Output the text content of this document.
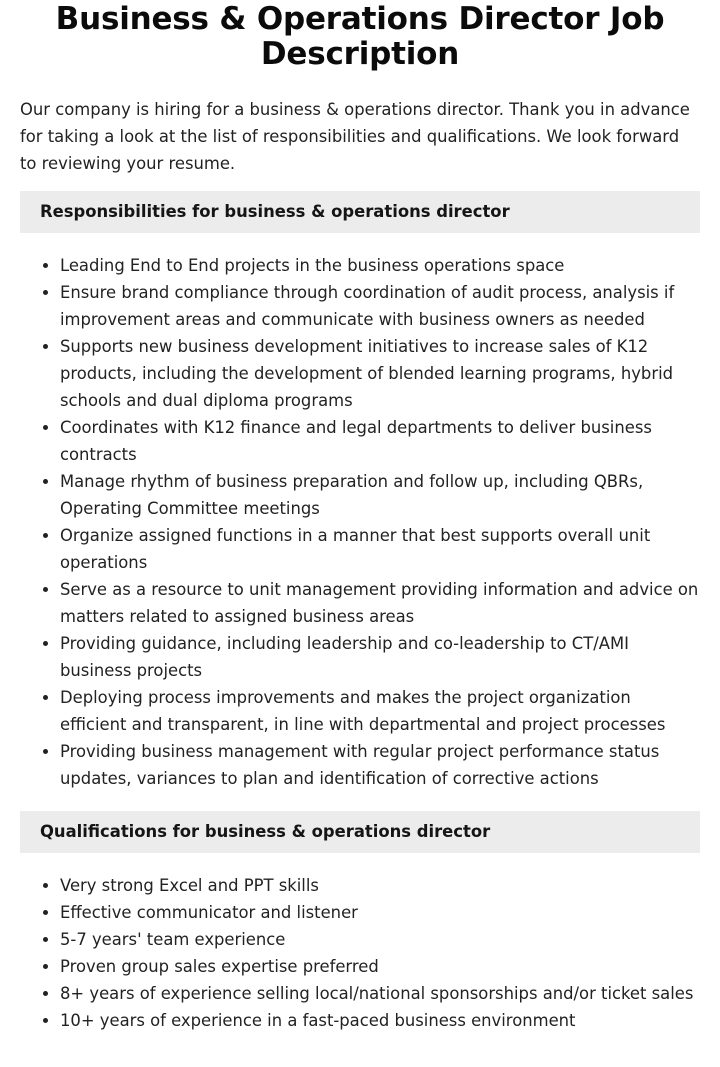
Business & Operations Director Job Description

Our company is hiring for a business & operations director. Thank you in advance for taking a look at the list of responsibilities and qualifications. We look forward to reviewing your resume.

Responsibilities for business & operations director
• Leading End to End projects in the business operations space
• Ensure brand compliance through coordination of audit process, analysis if improvement areas and communicate with business owners as needed
• Supports new business development initiatives to increase sales of K12 products, including the development of blended learning programs, hybrid schools and dual diploma programs
• Coordinates with K12 finance and legal departments to deliver business contracts
• Manage rhythm of business preparation and follow up, including QBRs, Operating Committee meetings
• Organize assigned functions in a manner that best supports overall unit operations
• Serve as a resource to unit management providing information and advice on matters related to assigned business areas
• Providing guidance, including leadership and co-leadership to CT/AMI business projects
• Deploying process improvements and makes the project organization efficient and transparent, in line with departmental and project processes
• Providing business management with regular project performance status updates, variances to plan and identification of corrective actions
Qualifications for business & operations director
• Very strong Excel and PPT skills
• Effective communicator and listener
• 5-7 years' team experience
• Proven group sales expertise preferred
• 8+ years of experience selling local/national sponsorships and/or ticket sales
• 10+ years of experience in a fast-paced business environment
